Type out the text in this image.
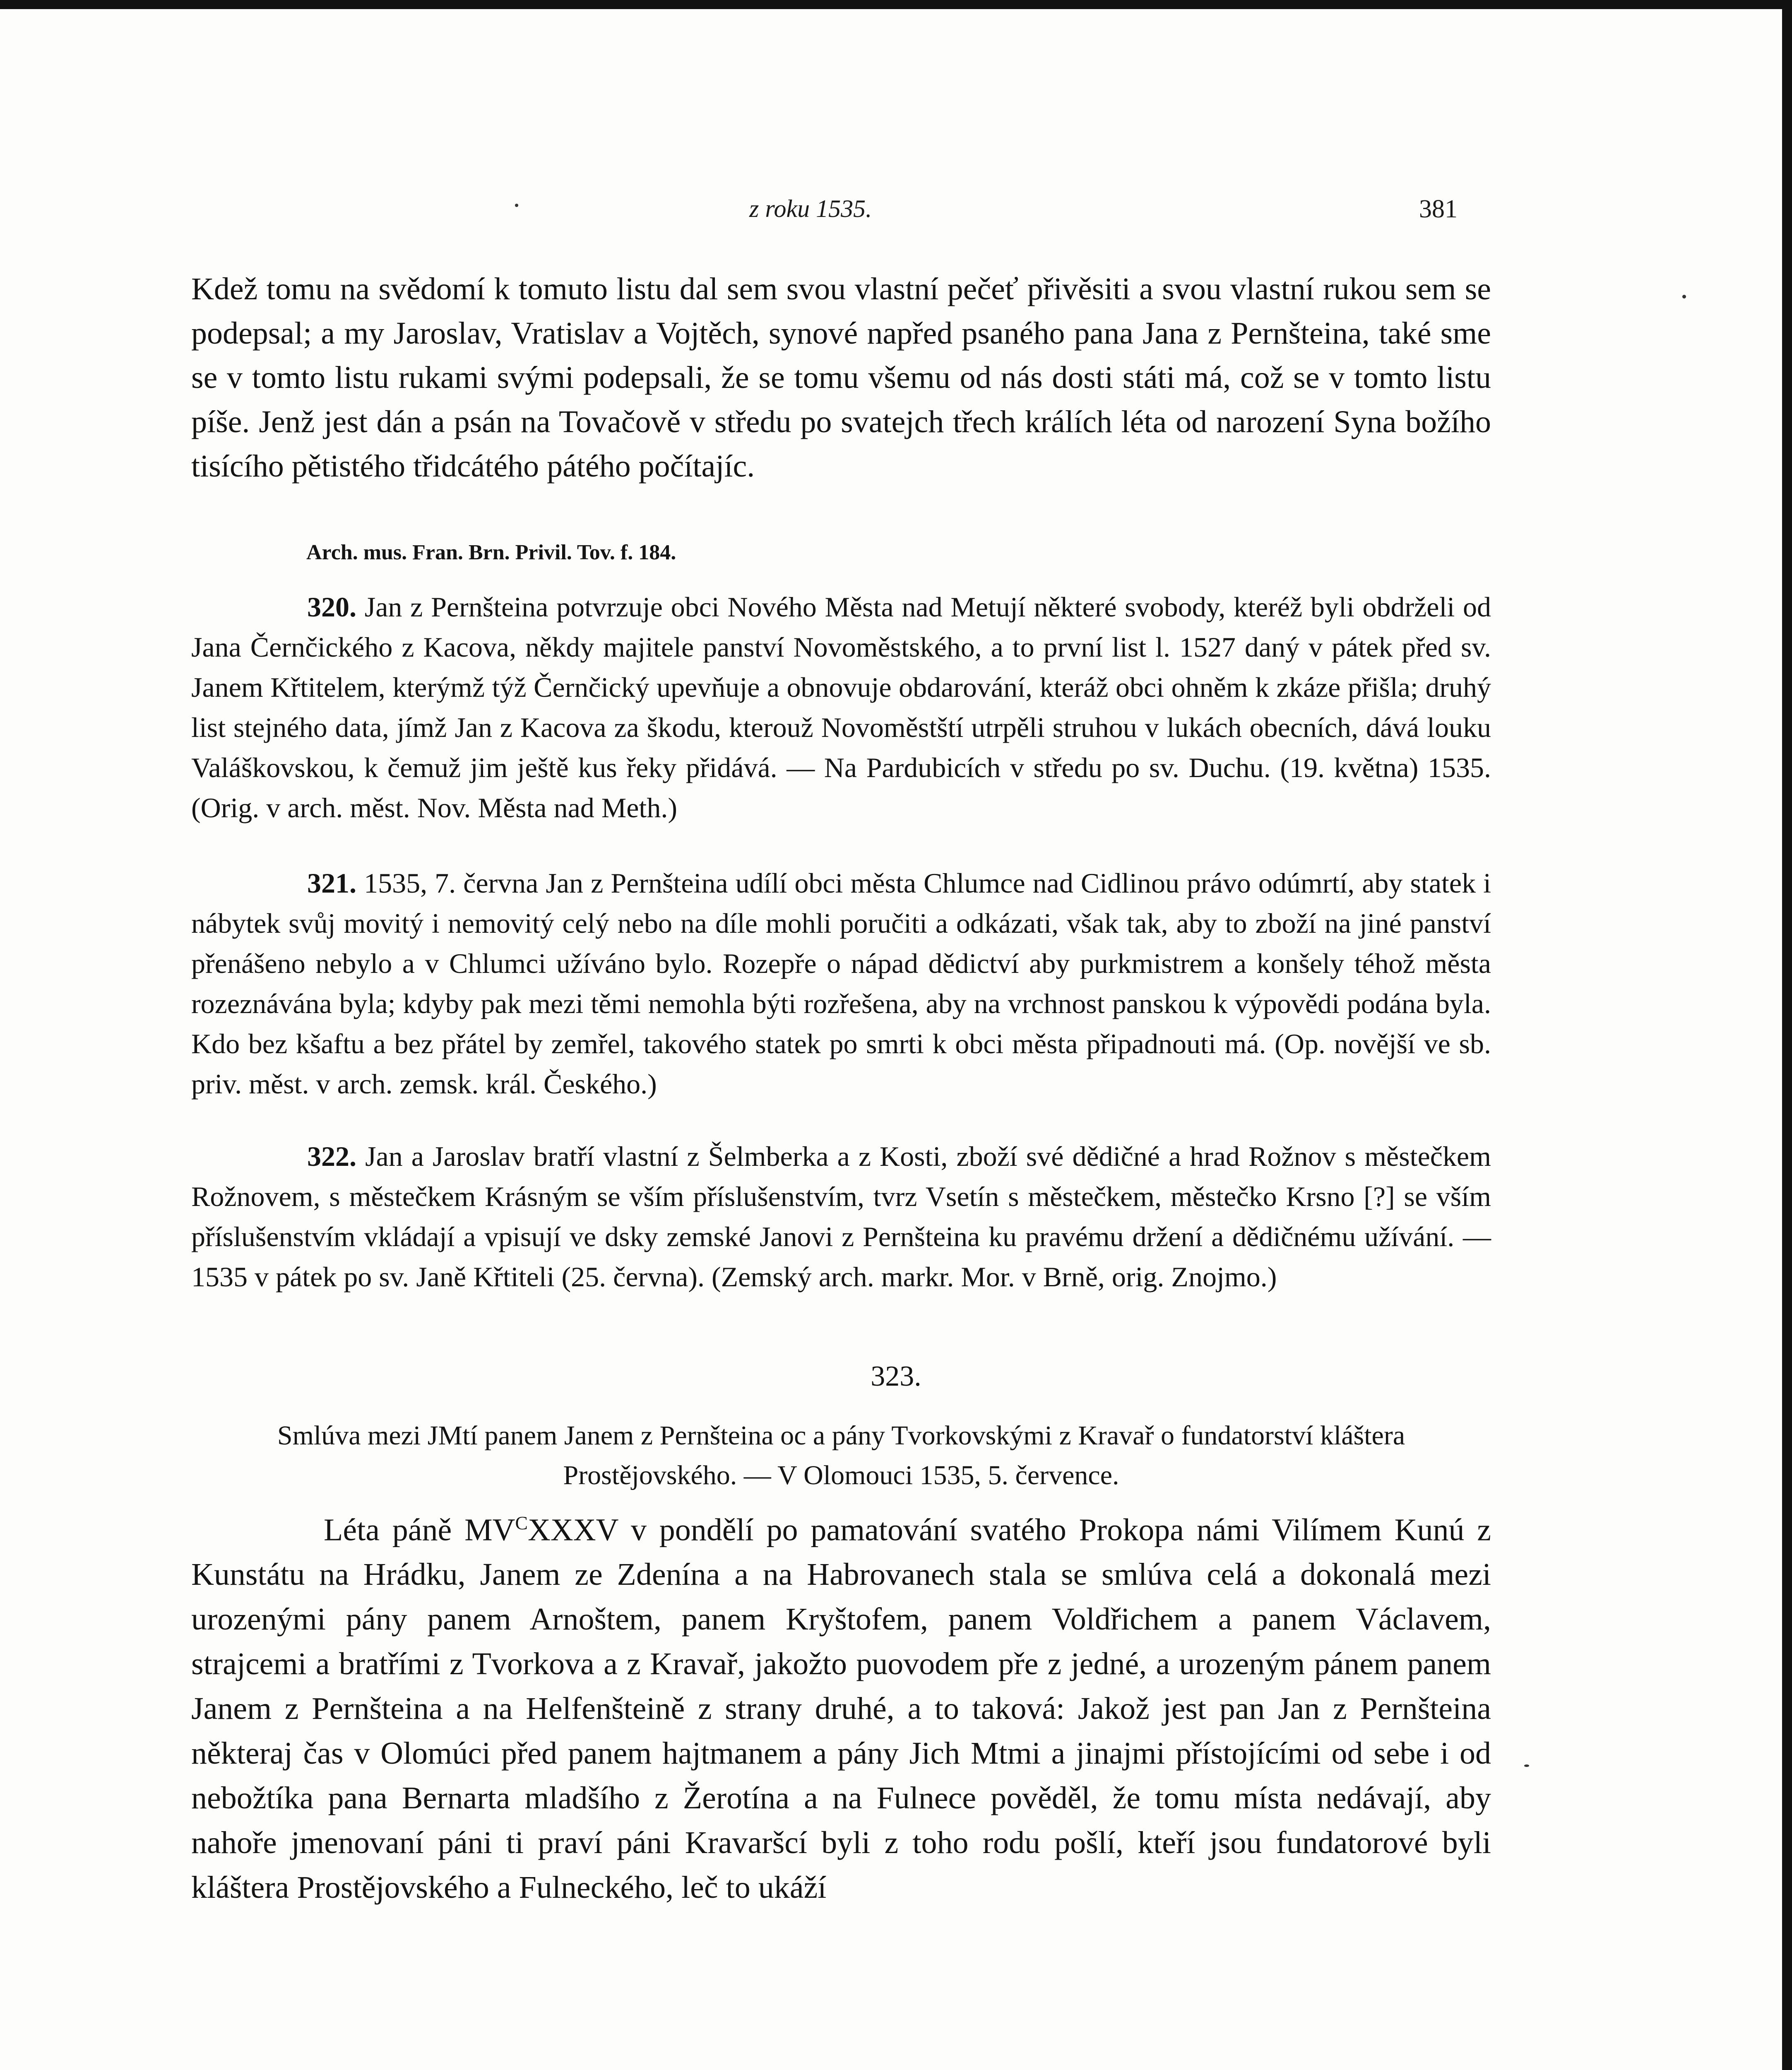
z roku 1535.	381
Kdež tomu na svědomí k tomuto listu dal sem svou vlastní pečeť přivěsiti a svou vlastní rukou sem se podepsal; a my Jaroslav, Vratislav a Vojtěch, synové napřed psaného pana Jana z Pernšteina, také sme se v tomto listu rukami svými podepsali, že se tomu všemu od nás dosti státi má, což se v tomto listu píše. Jenž jest dán a psán na Tovačově v středu po svatejch třech králích léta od narození Syna božího tisícího pětistého třidcátého pátého počítajíc.
Arch. mus. Fran. Brn. Privil. Tov. f. 184.
320. Jan z Pernšteina potvrzuje obci Nového Města nad Metují některé svobody, kteréž byli obdrželi od Jana Černčického z Kacova, někdy majitele panství Novoměstského, a to první list l. 1527 daný v pátek před sv. Janem Křtitelem, kterýmž týž Černčický upevňuje a obnovuje obdarování, kteráž obci ohněm k zkáze přišla; druhý list stejného data, jímž Jan z Kacova za škodu, kterouž Novoměstští utrpěli struhou v lukách obecních, dává louku Valáškovskou, k čemuž jim ještě kus řeky přidává. — Na Pardubicích v středu po sv. Duchu. (19. května) 1535. (Orig. v arch. měst. Nov. Města nad Meth.)
321. 1535, 7. června Jan z Pernšteina udílí obci města Chlumce nad Cidlinou právo odúmrtí, aby statek i nábytek svůj movitý i nemovitý celý nebo na díle mohli poručiti a odkázati, však tak, aby to zboží na jiné panství přenášeno nebylo a v Chlumci užíváno bylo. Rozepře o nápad dědictví aby purkmistrem a konšely téhož města rozeznávána byla; kdyby pak mezi těmi nemohla býti rozřešena, aby na vrchnost panskou k výpovědi podána byla. Kdo bez kšaftu a bez přátel by zemřel, takového statek po smrti k obci města připadnouti má. (Op. novější ve sb. priv. měst. v arch. zemsk. král. Českého.)
322. Jan a Jaroslav bratří vlastní z Šelmberka a z Kosti, zboží své dědičné a hrad Rožnov s městečkem Rožnovem, s městečkem Krásným se vším příslušenstvím, tvrz Vsetín s městečkem, městečko Krsno [?] se vším příslušenstvím vkládají a vpisují ve dsky zemské Janovi z Pernšteina ku pravému držení a dědičnému užívání. — 1535 v pátek po sv. Janě Křtiteli (25. června). (Zemský arch. markr. Mor. v Brně, orig. Znojmo.)
323.
Smlúva mezi JMtí panem Janem z Pernšteina oc a pány Tvorkovskými z Kravař o fundatorství kláštera Prostějovského. — V Olomouci 1535, 5. července.
Léta páně $MV^CXXXV$ v pondělí po pamatování svatého Prokopa námi Vilímem Kunú z Kunstátu na Hrádku, Janem ze Zdenína a na Habrovanech stala se smlúva celá a dokonalá mezi urozenými pány panem Arnoštem, panem Kryštofem, panem Voldřichem a panem Václavem, strajcemi a bratřími z Tvorkova a z Kravař, jakožto puovodem pře z jedné, a urozeným pánem panem Janem z Pernšteina a na Helfenšteině z strany druhé, a to taková: Jakož jest pan Jan z Pernšteina některaj čas v Olomúci před panem hajtmanem a pány Jich Mtmi a jinajmi přístojícími od sebe i od nebožtíka pana Bernarta mladšího z Žerotína a na Fulnece pověděl, že tomu místa nedávají, aby nahoře jmenovaní páni ti praví páni Kravaršcí byli z toho rodu pošlí, kteří jsou fundatorové byli kláštera Prostějovského a Fulneckého, leč to ukáží
